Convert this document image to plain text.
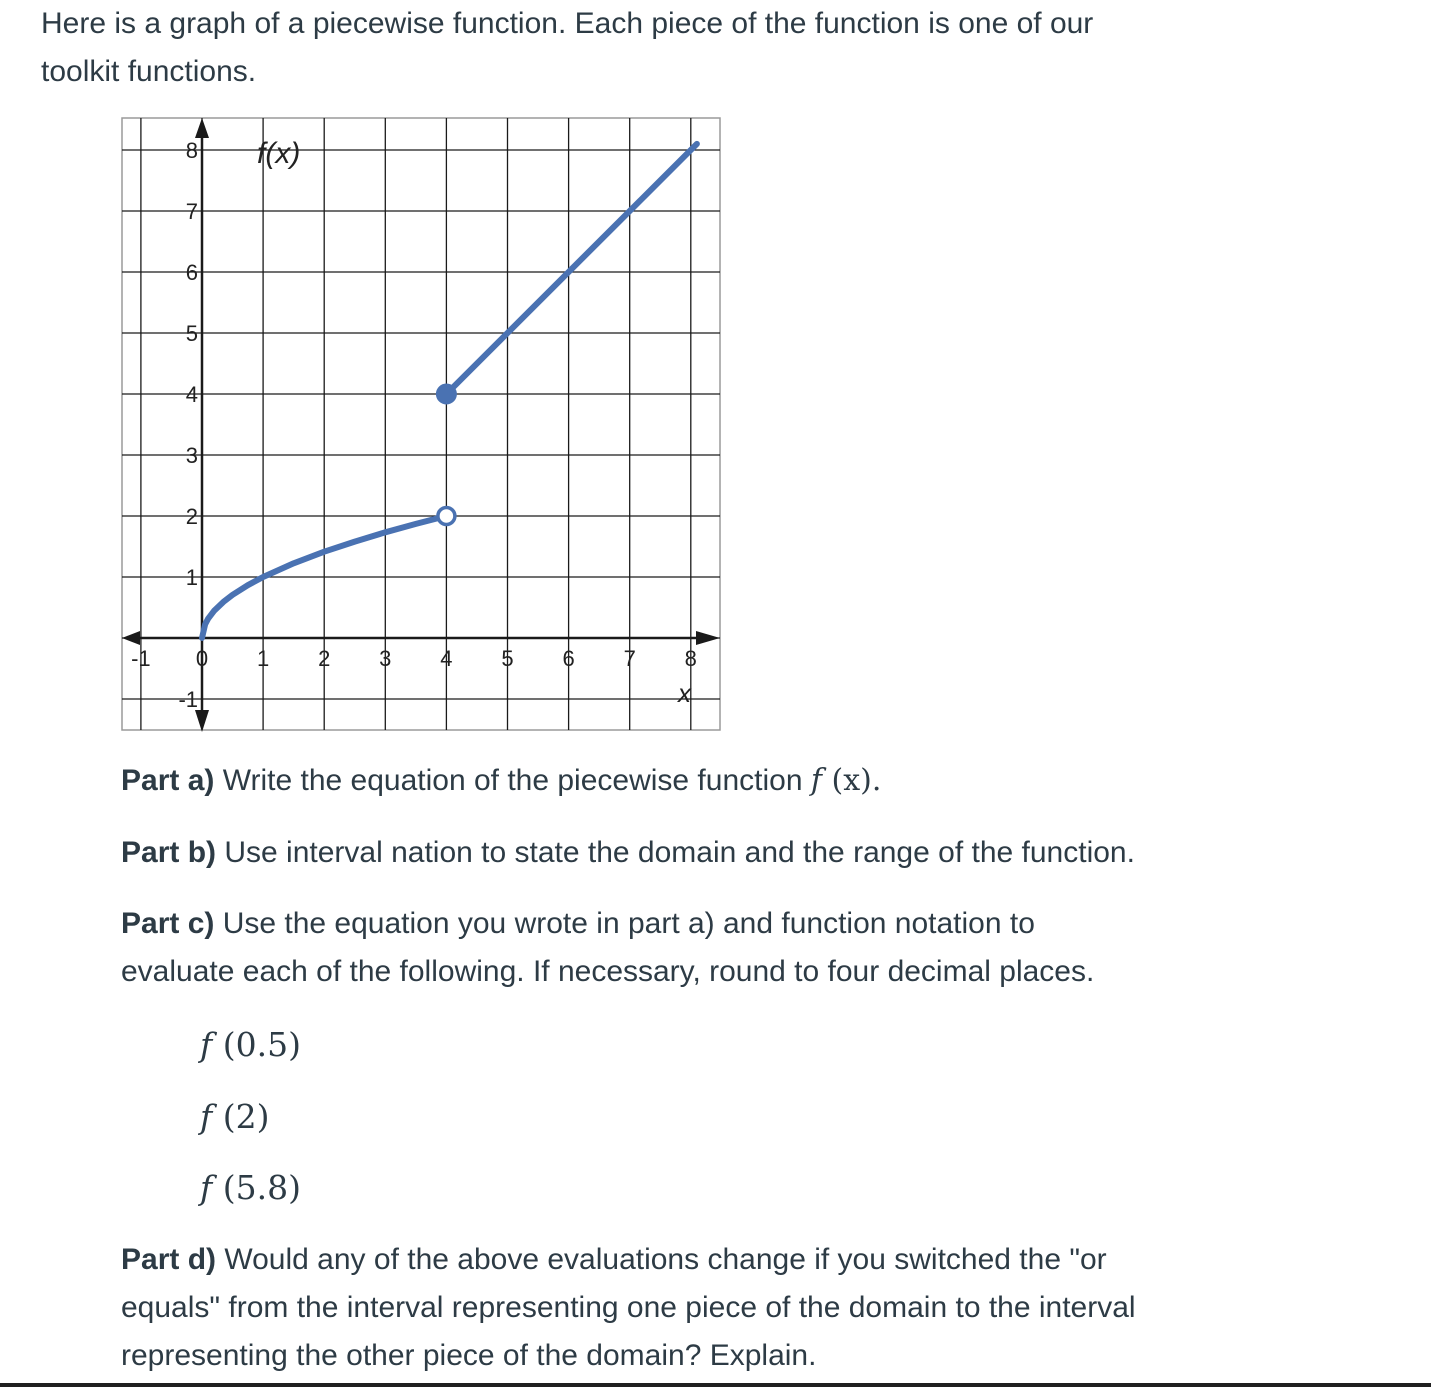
Here is a graph of a piecewise function. Each piece of the function is one of our
toolkit functions.

-1 0 1 2 3 4 5 6 7 8
-1
1
2
3
4
5
6
7
8 f(x)
x

Part a) Write the equation of the piecewise function f (x).

Part b) Use interval nation to state the domain and the range of the function.

Part c) Use the equation you wrote in part a) and function notation to
evaluate each of the following. If necessary, round to four decimal places.

f (0.5)
f (2)
f (5.8)

Part d) Would any of the above evaluations change if you switched the "or
equals" from the interval representing one piece of the domain to the interval
representing the other piece of the domain? Explain.
